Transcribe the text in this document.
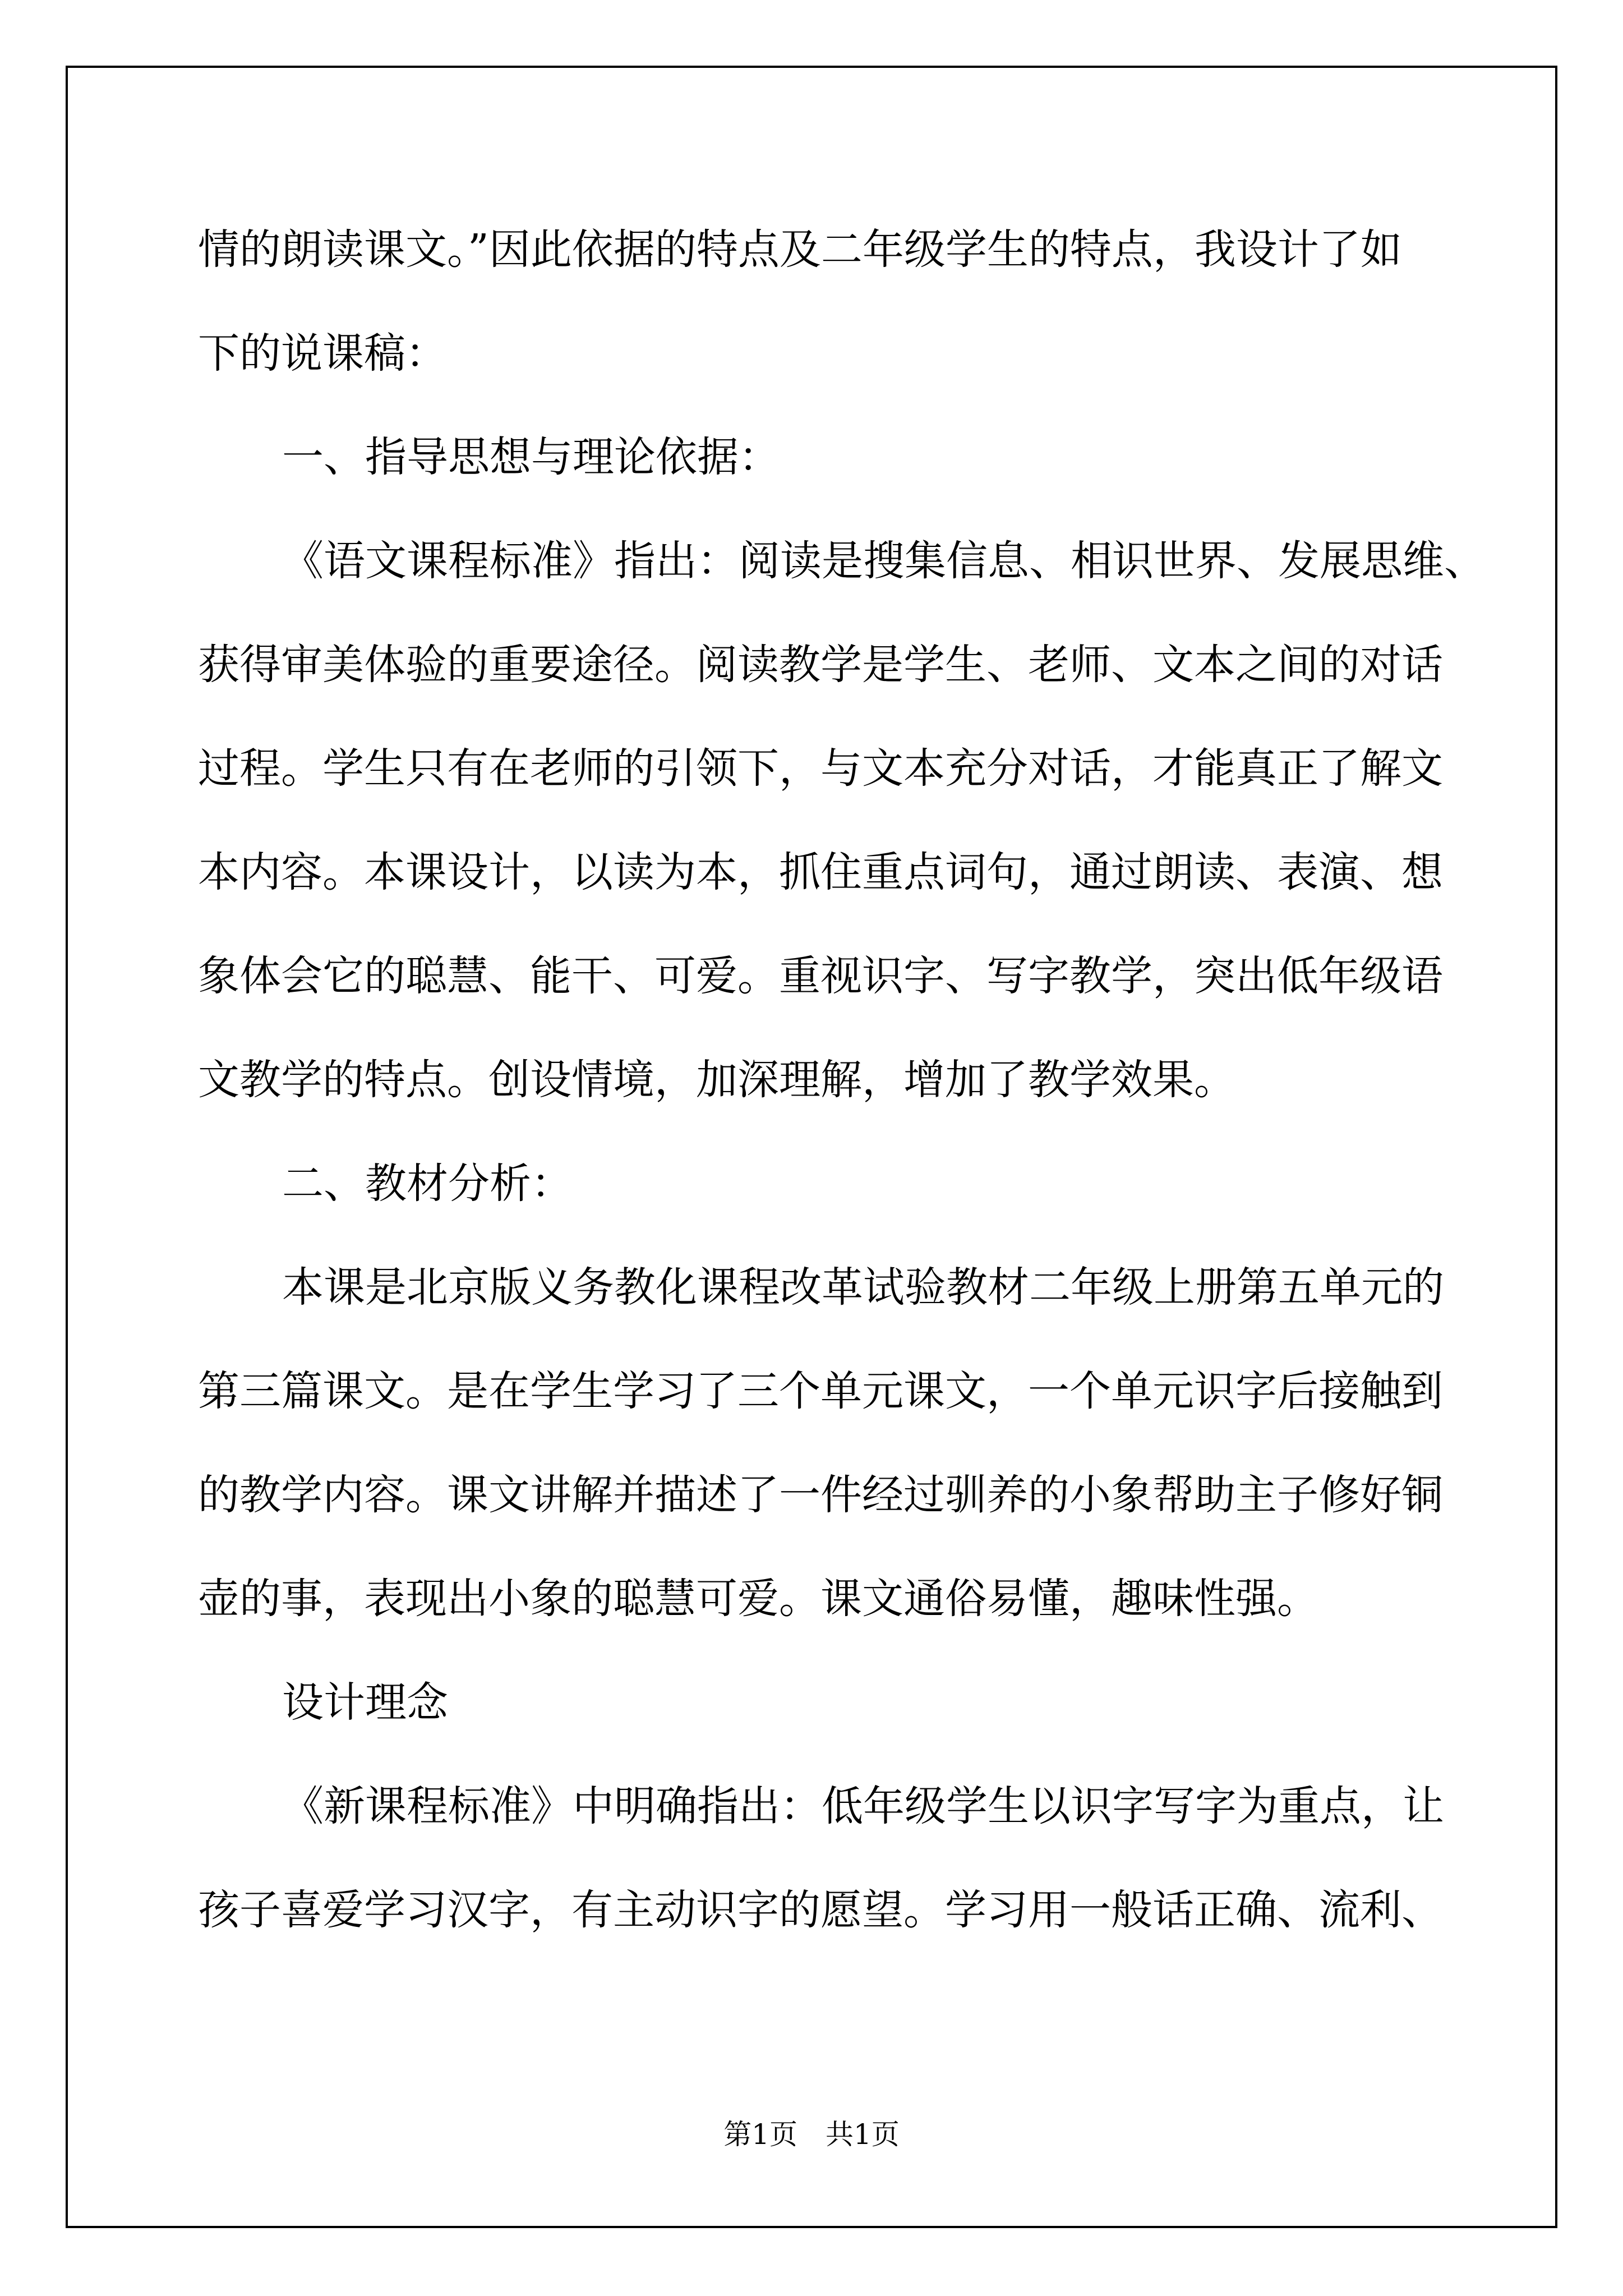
情的朗读课文。”因此依据的特点及二年级学生的特点，我设计了如

下的说课稿：

一、指导思想与理论依据：

《语文课程标准》指出：阅读是搜集信息、相识世界、发展思维、

获得审美体验的重要途径。阅读教学是学生、老师、文本之间的对话

过程。学生只有在老师的引领下，与文本充分对话，才能真正了解文

本内容。本课设计，以读为本，抓住重点词句，通过朗读、表演、想

象体会它的聪慧、能干、可爱。重视识字、写字教学，突出低年级语

文教学的特点。创设情境，加深理解，增加了教学效果。

二、教材分析：

本课是北京版义务教化课程改革试验教材二年级上册第五单元的

第三篇课文。是在学生学习了三个单元课文，一个单元识字后接触到

的教学内容。课文讲解并描述了一件经过驯养的小象帮助主子修好铜

壶的事，表现出小象的聪慧可爱。课文通俗易懂，趣味性强。

设计理念

《新课程标准》中明确指出：低年级学生以识字写字为重点，让

孩子喜爱学习汉字，有主动识字的愿望。学习用一般话正确、流利、

第1页　共1页
